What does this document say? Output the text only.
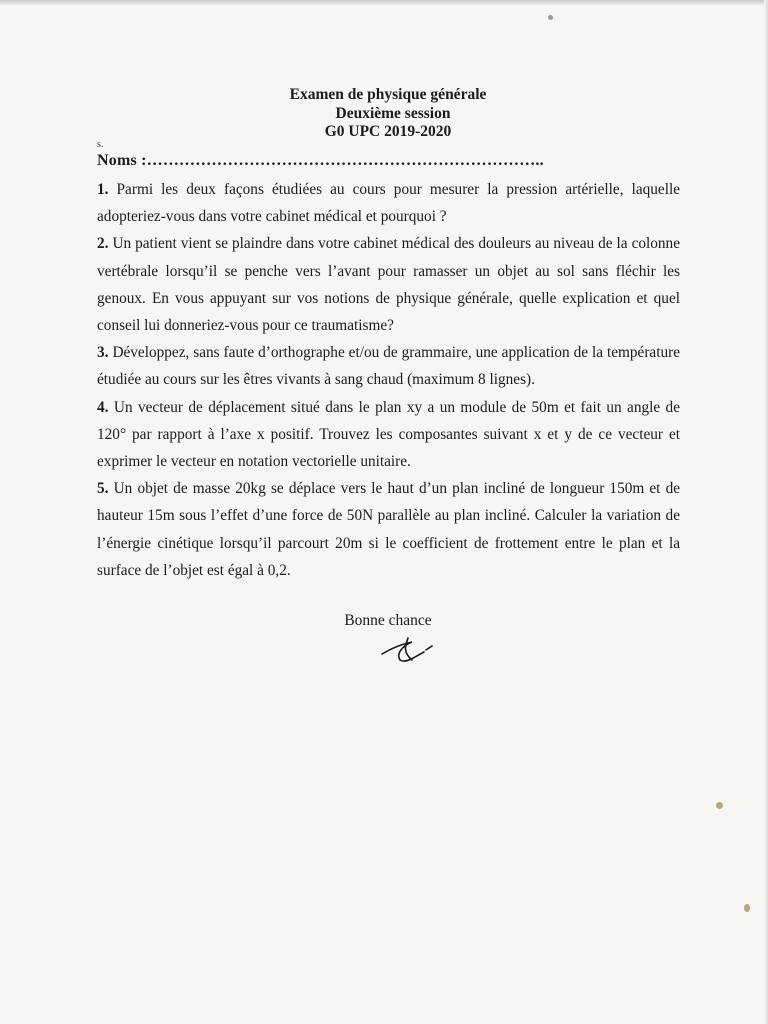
Examen de physique générale
Deuxième session
G0 UPC 2019-2020
s.
Noms :………………………………………………………………..

1. Parmi les deux façons étudiées au cours pour mesurer la pression artérielle, laquelle adopteriez-vous dans votre cabinet médical et pourquoi ?

2. Un patient vient se plaindre dans votre cabinet médical des douleurs au niveau de la colonne vertébrale lorsqu’il se penche vers l’avant pour ramasser un objet au sol sans fléchir les genoux. En vous appuyant sur vos notions de physique générale, quelle explication et quel conseil lui donneriez-vous pour ce traumatisme?

3. Développez, sans faute d’orthographe et/ou de grammaire, une application de la température étudiée au cours sur les êtres vivants à sang chaud (maximum 8 lignes).

4. Un vecteur de déplacement situé dans le plan xy a un module de 50m et fait un angle de 120° par rapport à l’axe x positif. Trouvez les composantes suivant x et y de ce vecteur et exprimer le vecteur en notation vectorielle unitaire.

5. Un objet de masse 20kg se déplace vers le haut d’un plan incliné de longueur 150m et de hauteur 15m sous l’effet d’une force de 50N parallèle au plan incliné. Calculer la variation de l’énergie cinétique lorsqu’il parcourt 20m si le coefficient de frottement entre le plan et la surface de l’objet est égal à 0,2.

Bonne chance
